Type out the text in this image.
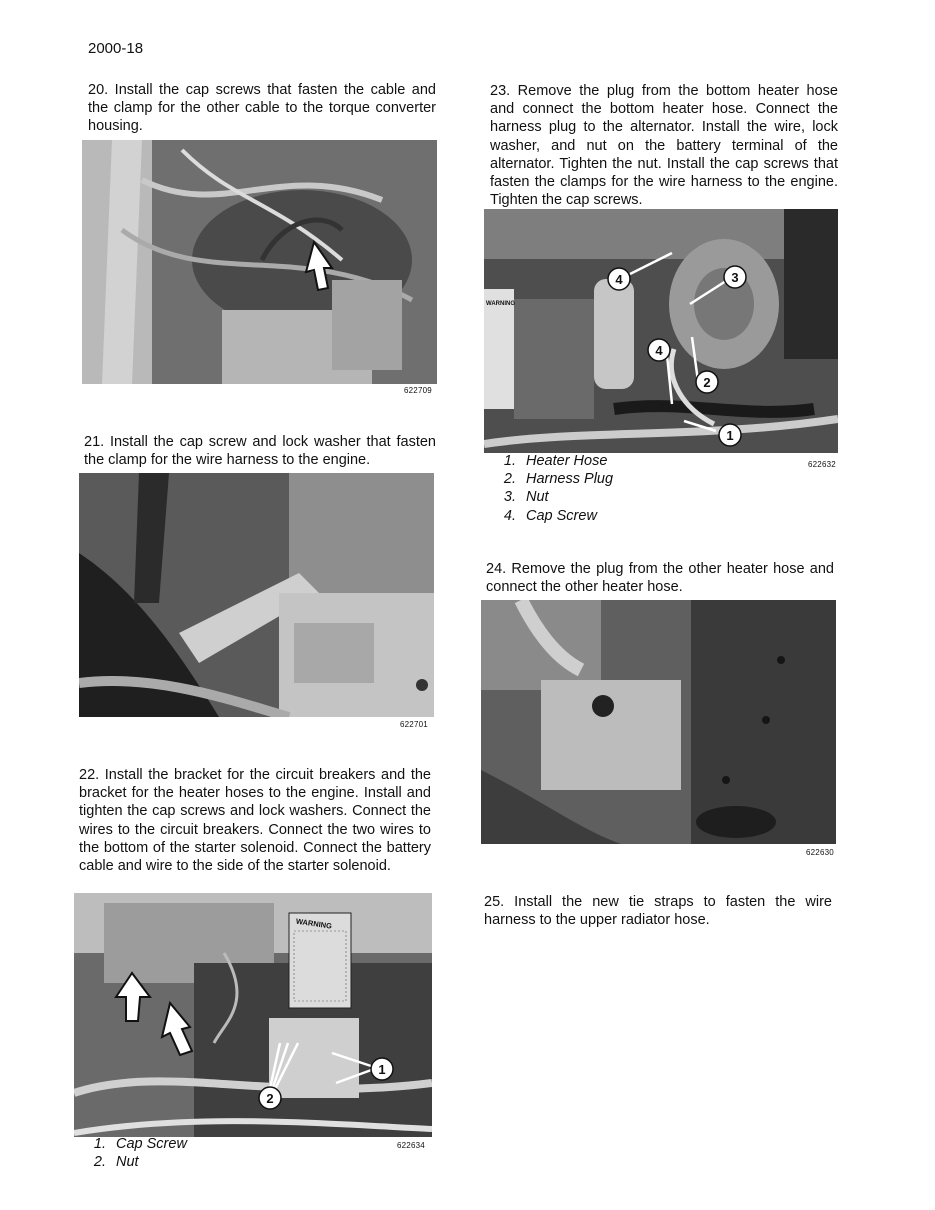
2000-18

20. Install the cap screws that fasten the cable and the clamp for the other cable to the torque converter housing.

622709

21. Install the cap screw and lock washer that fasten the clamp for the wire harness to the engine.

622701

22. Install the bracket for the circuit breakers and the bracket for the heater hoses to the engine. Install and tighten the cap screws and lock washers. Connect the wires to the circuit breakers. Connect the two wires to the bottom of the starter solenoid. Connect the battery cable and wire to the side of the starter solenoid.

WARNING
1
2
1. Cap Screw
2. Nut
622634

23. Remove the plug from the bottom heater hose and connect the bottom heater hose. Connect the harness plug to the alternator. Install the wire, lock washer, and nut on the battery terminal of the alternator. Tighten the nut. Install the cap screws that fasten the clamps for the wire harness to the engine. Tighten the cap screws.

WARNING
4	3
4
2
1
1. Heater Hose
2. Harness Plug
3. Nut
4. Cap Screw
622632

24. Remove the plug from the other heater hose and connect the other heater hose.

622630

25. Install the new tie straps to fasten the wire harness to the upper radiator hose.
